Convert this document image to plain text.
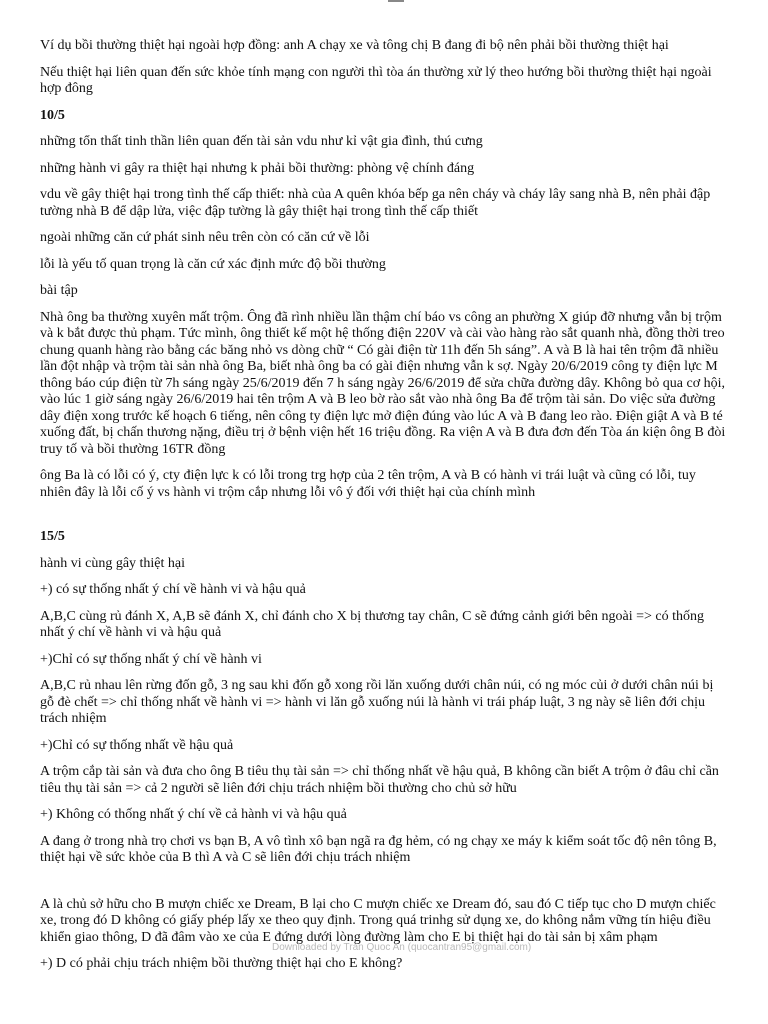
Ví dụ bồi thường thiệt hại ngoài hợp đồng: anh A chạy xe và tông chị B đang đi bộ nên phải bồi thường thiệt hại

Nếu thiệt hại liên quan đến sức khỏe tính mạng con người thì tòa án thường xử lý theo hướng bồi thường thiệt hại ngoài hợp đông

10/5

những tổn thất tinh thần liên quan đến tài sản vdu như kỉ vật gia đình, thú cưng

những hành vi gây ra thiệt hại nhưng k phải bồi thường: phòng vệ chính đáng

vdu về gây thiệt hại trong tình thế cấp thiết: nhà của A quên khóa bếp ga nên cháy và cháy lây sang nhà B, nên phải đập tường nhà B để dập lửa, việc đập tường là gây thiệt hại trong tình thế cấp thiết

ngoài những căn cứ phát sinh nêu trên còn có căn cứ về lỗi

lỗi là yếu tố quan trọng là căn cứ xác định mức độ bồi thường

bài tập

Nhà ông ba thường xuyên mất trộm. Ông đã rình nhiều lần thậm chí báo vs công an phường X giúp đỡ nhưng vẫn bị trộm và k bắt được thủ phạm. Tức mình, ông thiết kế một hệ thống điện 220V và cài vào hàng rào sắt quanh nhà, đồng thời treo chung quanh hàng rào bằng các băng nhỏ vs dòng chữ “ Có gài điện từ 11h đến 5h sáng”. A và B là hai tên trộm đã nhiều lần đột nhập và trộm tài sản nhà ông Ba, biết nhà ông ba có gài điện nhưng vẫn k sợ. Ngày 20/6/2019 công ty điện lực M thông báo cúp điện từ 7h sáng ngày 25/6/2019 đến 7 h sáng ngày 26/6/2019 để sửa chữa đường dây. Không bỏ qua cơ hội, vào lúc 1 giờ sáng ngày 26/6/2019 hai tên trộm A và B leo bờ rào sắt vào nhà ông Ba để trộm tài sản. Do việc sửa đường dây điện xong trước kế hoạch 6 tiếng, nên công ty điện lực mở điện đúng vào lúc A và B đang leo rào. Điện giật A và B té xuống đất, bị chấn thương nặng, điều trị ở bệnh viện hết 16 triệu đồng. Ra viện A và B đưa đơn đến Tòa án kiện ông B đòi truy tố và bồi thường 16TR đồng

ông Ba là có lỗi có ý, cty điện lực k có lỗi trong trg hợp của 2 tên trộm, A và B có hành vi trái luật và cũng có lỗi, tuy nhiên đây là lỗi cố ý vs hành vi trộm cắp nhưng lỗi vô ý đối với thiệt hại của chính mình

15/5

hành vi cùng gây thiệt hại

+) có sự thống nhất ý chí về hành vi và hậu quả

A,B,C cùng rủ đánh X, A,B sẽ đánh X, chỉ đánh cho X bị thương tay chân, C sẽ đứng cảnh giới bên ngoài => có thống nhất ý chí về hành vi và hậu quả

+)Chỉ có sự thống nhất ý chí về hành vi

A,B,C rủ nhau lên rừng đốn gỗ, 3 ng sau khi đốn gỗ xong rồi lăn xuống dưới chân núi, có ng móc củi ở dưới chân núi bị gỗ đè chết => chỉ thống nhất về hành vi => hành vi lăn gỗ xuống núi là hành vi trái pháp luật, 3 ng này sẽ liên đới chịu trách nhiệm

+)Chỉ có sự thống nhất về hậu quả

A trộm cắp tài sản và đưa cho ông B tiêu thụ tài sản => chỉ thống nhất về hậu quả, B không cần biết A trộm ở đâu chỉ cần tiêu thụ tài sản => cả 2 người sẽ liên đới chịu trách nhiệm bồi thường cho chủ sở hữu

+) Không có thống nhất ý chí về cả hành vi và hậu quả

A đang ở trong nhà trọ chơi vs bạn B, A vô tình xô bạn ngã ra đg hẻm, có ng chạy xe máy k kiểm soát tốc độ nên tông B, thiệt hại về sức khỏe của B thì A và C sẽ liên đới chịu trách nhiệm

A là chủ sở hữu cho B mượn chiếc xe Dream, B lại cho C mượn chiếc xe Dream đó, sau đó C tiếp tục cho D mượn chiếc xe, trong đó D không có giấy phép lấy xe theo quy định. Trong quá trinhg sử dụng xe, do không nắm vững tín hiệu điều khiển giao thông, D đã đâm vào xe của E đứng dưới lòng đường làm cho E bị thiệt hại do tài sản bị xâm phạm

+) D có phải chịu trách nhiệm bồi thường thiệt hại cho E không?

Downloaded by Tran Quoc An (quocantran95@gmail.com)
